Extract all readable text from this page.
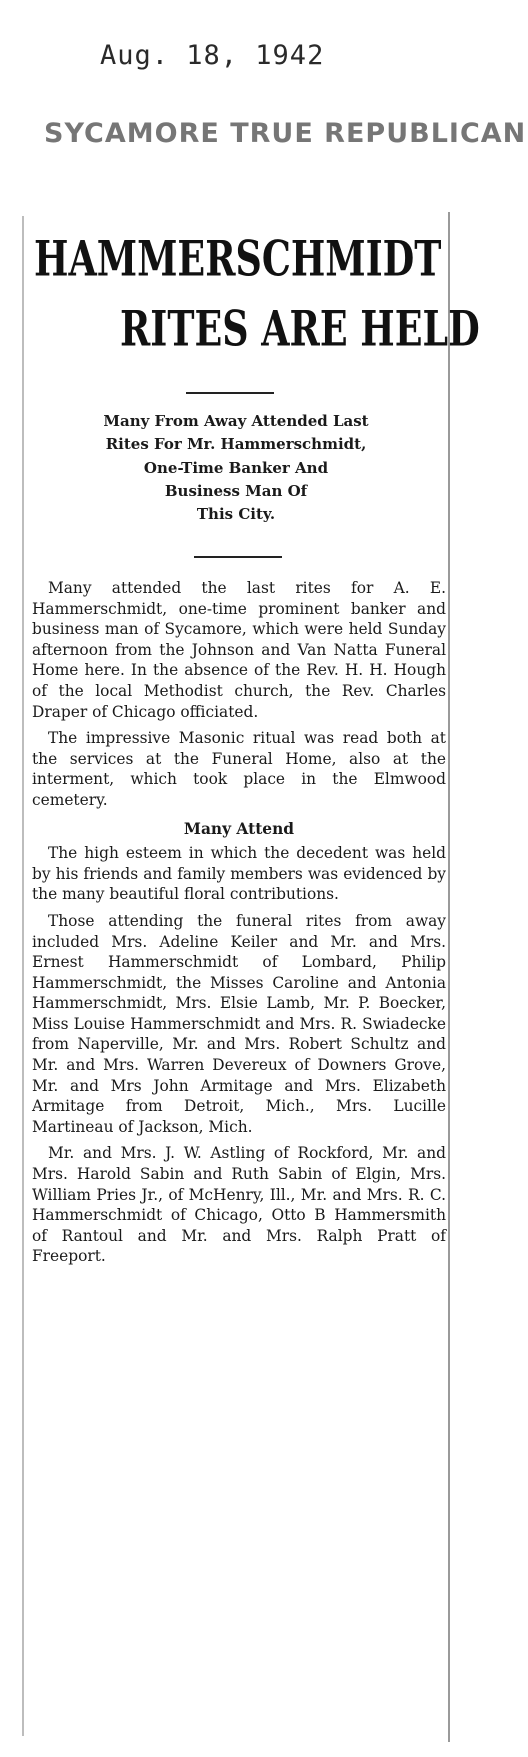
Aug. 18, 1942
SYCAMORE TRUE REPUBLICAN
HAMMERSCHMIDT
RITES ARE HELD
Many From Away Attended Last
Rites For Mr. Hammerschmidt,
One-Time Banker And
Business Man Of
This City.

Many attended the last rites for A. E. Hammerschmidt, one-time prominent banker and business man of Sycamore, which were held Sunday afternoon from the Johnson and Van Natta Funeral Home here. In the absence of the Rev. H. H. Hough of the local Methodist church, the Rev. Charles Draper of Chicago officiated.

The impressive Masonic ritual was read both at the services at the Funeral Home, also at the interment, which took place in the Elmwood cemetery.

Many Attend

The high esteem in which the decedent was held by his friends and family members was evidenced by the many beautiful floral contributions.

Those attending the funeral rites from away included Mrs. Adeline Keiler and Mr. and Mrs. Ernest Hammerschmidt of Lombard, Philip Hammerschmidt, the Misses Caroline and Antonia Hammerschmidt, Mrs. Elsie Lamb, Mr. P. Boecker, Miss Louise Hammerschmidt and Mrs. R. Swiadecke from Naperville, Mr. and Mrs. Robert Schultz and Mr. and Mrs. Warren Devereux of Downers Grove, Mr. and Mrs John Armitage and Mrs. Elizabeth Armitage from Detroit, Mich., Mrs. Lucille Martineau of Jackson, Mich.

Mr. and Mrs. J. W. Astling of Rockford, Mr. and Mrs. Harold Sabin and Ruth Sabin of Elgin, Mrs. William Pries Jr., of McHenry, Ill., Mr. and Mrs. R. C. Hammerschmidt of Chicago, Otto B Hammersmith of Rantoul and Mr. and Mrs. Ralph Pratt of Freeport.
